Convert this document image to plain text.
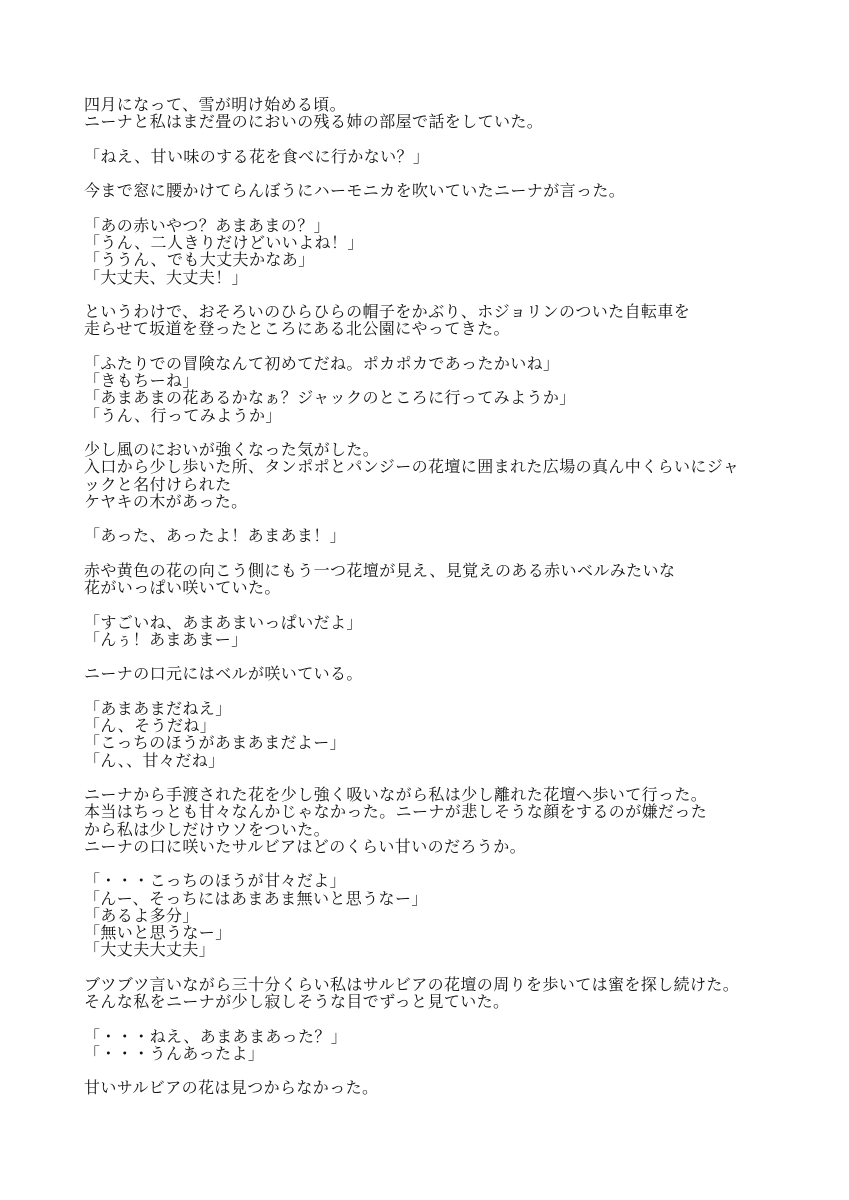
四月になって、雪が明け始める頃。
ニーナと私はまだ畳のにおいの残る姉の部屋で話をしていた。
「ねえ、甘い味のする花を食べに行かない？」
今まで窓に腰かけてらんぼうにハーモニカを吹いていたニーナが言った。
「あの赤いやつ？あまあまの？」
「うん、二人きりだけどいいよね！」
「ううん、でも大丈夫かなあ」
「大丈夫、大丈夫！」
というわけで、おそろいのひらひらの帽子をかぶり、ホジョリンのついた自転車を
走らせて坂道を登ったところにある北公園にやってきた。
「ふたりでの冒険なんて初めてだね。ポカポカであったかいね」
「きもちーね」
「あまあまの花あるかなぁ？ジャックのところに行ってみようか」
「うん、行ってみようか」
少し風のにおいが強くなった気がした。
入口から少し歩いた所、タンポポとパンジーの花壇に囲まれた広場の真ん中くらいにジャ
ックと名付けられた
ケヤキの木があった。
「あった、あったよ！あまあま！」
赤や黄色の花の向こう側にもう一つ花壇が見え、見覚えのある赤いベルみたいな
花がいっぱい咲いていた。
「すごいね、あまあまいっぱいだよ」
「んぅ！あまあまー」
ニーナの口元にはベルが咲いている。
「あまあまだねえ」
「ん、そうだね」
「こっちのほうがあまあまだよー」
「ん、、甘々だね」
ニーナから手渡された花を少し強く吸いながら私は少し離れた花壇へ歩いて行った。
本当はちっとも甘々なんかじゃなかった。ニーナが悲しそうな顔をするのが嫌だった
から私は少しだけウソをついた。
ニーナの口に咲いたサルビアはどのくらい甘いのだろうか。
「・・・こっちのほうが甘々だよ」
「んー、そっちにはあまあま無いと思うなー」
「あるよ多分」
「無いと思うなー」
「大丈夫大丈夫」
ブツブツ言いながら三十分くらい私はサルビアの花壇の周りを歩いては蜜を探し続けた。
そんな私をニーナが少し寂しそうな目でずっと見ていた。
「・・・ねえ、あまあまあった？」
「・・・うんあったよ」
甘いサルビアの花は見つからなかった。
